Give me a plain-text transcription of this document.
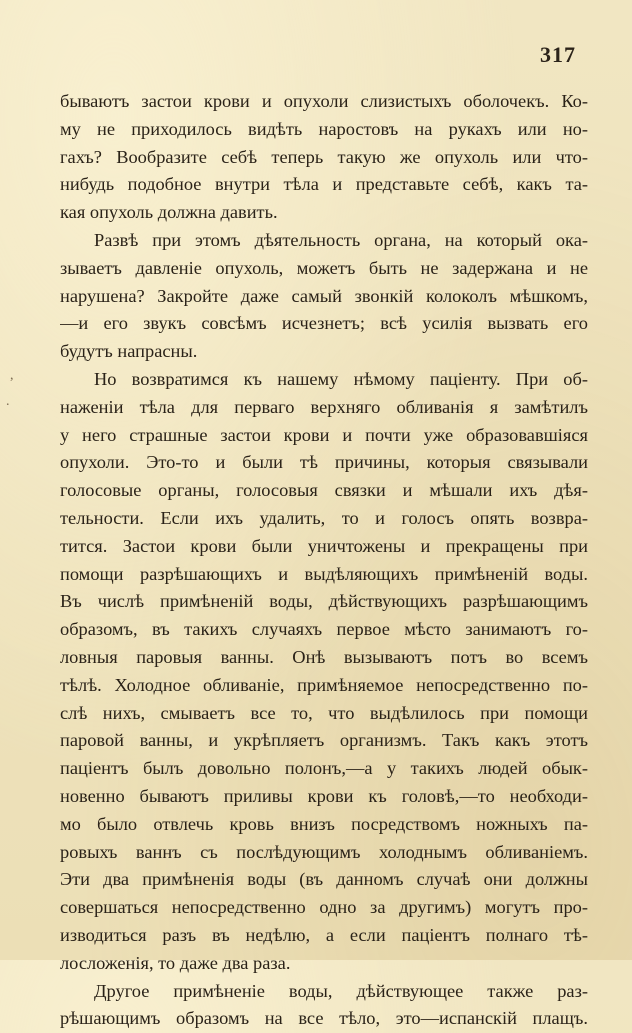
317
,
.
бываютъ застои крови и опухоли слизистыхъ оболочекъ. Ко-
му не приходилось видѣть наростовъ на рукахъ или но-
гахъ? Вообразите себѣ теперь такую же опухоль или что-
нибудь подобное внутри тѣла и представьте себѣ, какъ та-
кая опухоль должна давить.
Развѣ при этомъ дѣятельность органа, на который ока-
зываетъ давленіе опухоль, можетъ быть не задержана и не
нарушена? Закройте даже самый звонкій колоколъ мѣшкомъ,
—и его звукъ совсѣмъ исчезнетъ; всѣ усилія вызвать его
будутъ напрасны.
Но возвратимся къ нашему нѣмому паціенту. При об-
наженіи тѣла для перваго верхняго обливанія я замѣтилъ
у него страшные застои крови и почти уже образовавшіяся
опухоли. Это-то и были тѣ причины, которыя связывали
голосовые органы, голосовыя связки и мѣшали ихъ дѣя-
тельности. Если ихъ удалить, то и голосъ опять возвра-
тится. Застои крови были уничтожены и прекращены при
помощи разрѣшающихъ и выдѣляющихъ примѣненій воды.
Въ числѣ примѣненій воды, дѣйствующихъ разрѣшающимъ
образомъ, въ такихъ случаяхъ первое мѣсто занимаютъ го-
ловныя паровыя ванны. Онѣ вызываютъ потъ во всемъ
тѣлѣ. Холодное обливаніе, примѣняемое непосредственно по-
слѣ нихъ, смываетъ все то, что выдѣлилось при помощи
паровой ванны, и укрѣпляетъ организмъ. Такъ какъ этотъ
паціентъ былъ довольно полонъ,—а у такихъ людей обык-
новенно бываютъ приливы крови къ головѣ,—то необходи-
мо было отвлечь кровь внизъ посредствомъ ножныхъ па-
ровыхъ ваннъ съ послѣдующимъ холоднымъ обливаніемъ.
Эти два примѣненія воды (въ данномъ случаѣ они должны
совершаться непосредственно одно за другимъ) могутъ про-
изводиться разъ въ недѣлю, а если паціентъ полнаго тѣ-
лосложенія, то даже два раза.
Другое примѣненіе воды, дѣйствующее также раз-
рѣшающимъ образомъ на все тѣло, это—испанскій плащъ.
